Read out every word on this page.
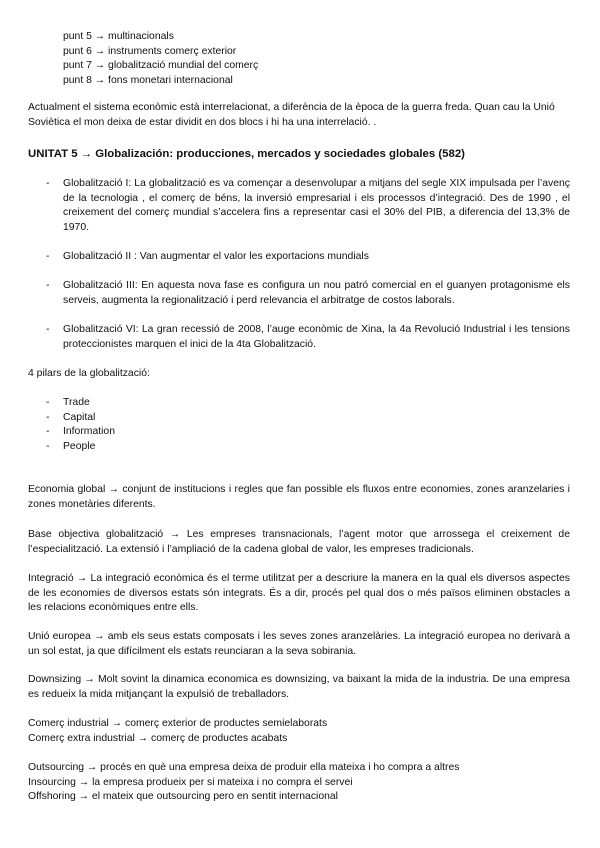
punt 5 → multinacionals
punt 6 → instruments comerç exterior
punt 7 → globalització mundial del comerç
punt 8 → fons monetari internacional

Actualment el sistema econòmic està interrelacionat, a diferència de la època de la guerra freda. Quan cau la Unió Soviètica el mon deixa de estar dividit en dos blocs i hi ha una interrelació. .

UNITAT 5 → Globalización: producciones, mercados y sociedades globales (582)
- Globalització I: La globalització es va començar a desenvolupar a mitjans del segle XIX impulsada per l’avenç de la tecnologia , el comerç de béns, la inversió empresarial i els processos d’integració. Des de 1990 , el creixement del comerç mundial s’accelera fins a representar casi el 30% del PIB, a diferencia del 13,3% de 1970.
- Globalització II : Van augmentar el valor les exportacions mundials
- Globalització III: En aquesta nova fase es configura un nou patró comercial en el guanyen protagonisme els serveis, augmenta la regionalització i perd relevancia el arbitratge de costos laborals.
- Globalització VI: La gran recessió de 2008, l’auge econòmic de Xina, la 4a Revolució Industrial i les tensions proteccionistes marquen el inici de la 4ta Globalització.
4 pilars de la globalització:
- Trade
- Capital
- Information
- People

Economia global → conjunt de institucions i regles que fan possible els fluxos entre economies, zones aranzelaries i zones monetàries diferents.

Base objectiva globalització → Les empreses transnacionals, l’agent motor que arrossega el creixement de l’especialització. La extensió i l’ampliació de la cadena global de valor, les empreses tradicionals.

Integració → La integració econòmica és el terme utilitzat per a descriure la manera en la qual els diversos aspectes de les economies de diversos estats són integrats. És a dir, procés pel qual dos o més països eliminen obstacles a les relacions econòmiques entre ells.

Unió europea → amb els seus estats composats i les seves zones aranzelàries. La integració europea no derivarà a un sol estat, ja que difícilment els estats reunciaran a la seva sobirania.

Downsizing → Molt sovint la dinamica economica es downsizing, va baixant la mida de la industria. De una empresa es redueix la mida mitjançant la expulsió de treballadors.

Comerç industrial → comerç exterior de productes semielaborats
Comerç extra industrial → comerç de productes acabats
Outsourcing → procés en què una empresa deixa de produir ella mateixa i ho compra a altres
Insourcing → la empresa produeix per si mateixa i no compra el servei
Offshoring → el mateix que outsourcing pero en sentit internacional
